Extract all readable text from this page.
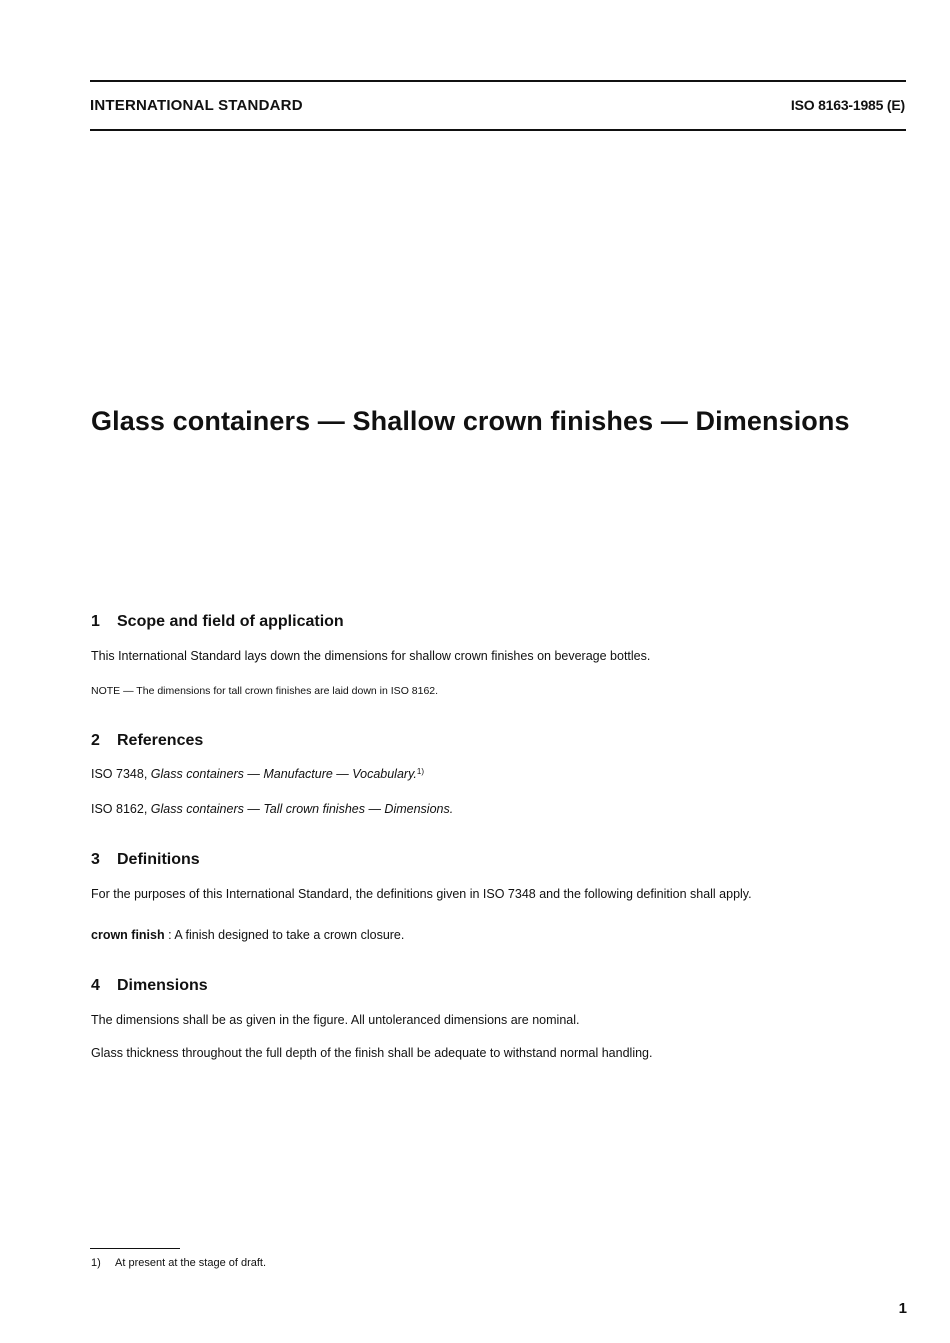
INTERNATIONAL STANDARD	ISO 8163-1985 (E)
Glass containers — Shallow crown finishes — Dimensions
1 Scope and field of application
This International Standard lays down the dimensions for shallow crown finishes on beverage bottles.
NOTE — The dimensions for tall crown finishes are laid down in ISO 8162.
2 References
ISO 7348, Glass containers — Manufacture — Vocabulary.$^{1)}$
ISO 8162, Glass containers — Tall crown finishes — Dimensions.
3 Definitions
For the purposes of this International Standard, the definitions given in ISO 7348 and the following definition shall apply.
crown finish : A finish designed to take a crown closure.
4 Dimensions
The dimensions shall be as given in the figure. All untoleranced dimensions are nominal.
Glass thickness throughout the full depth of the finish shall be adequate to withstand normal handling.
1) At present at the stage of draft.
1
